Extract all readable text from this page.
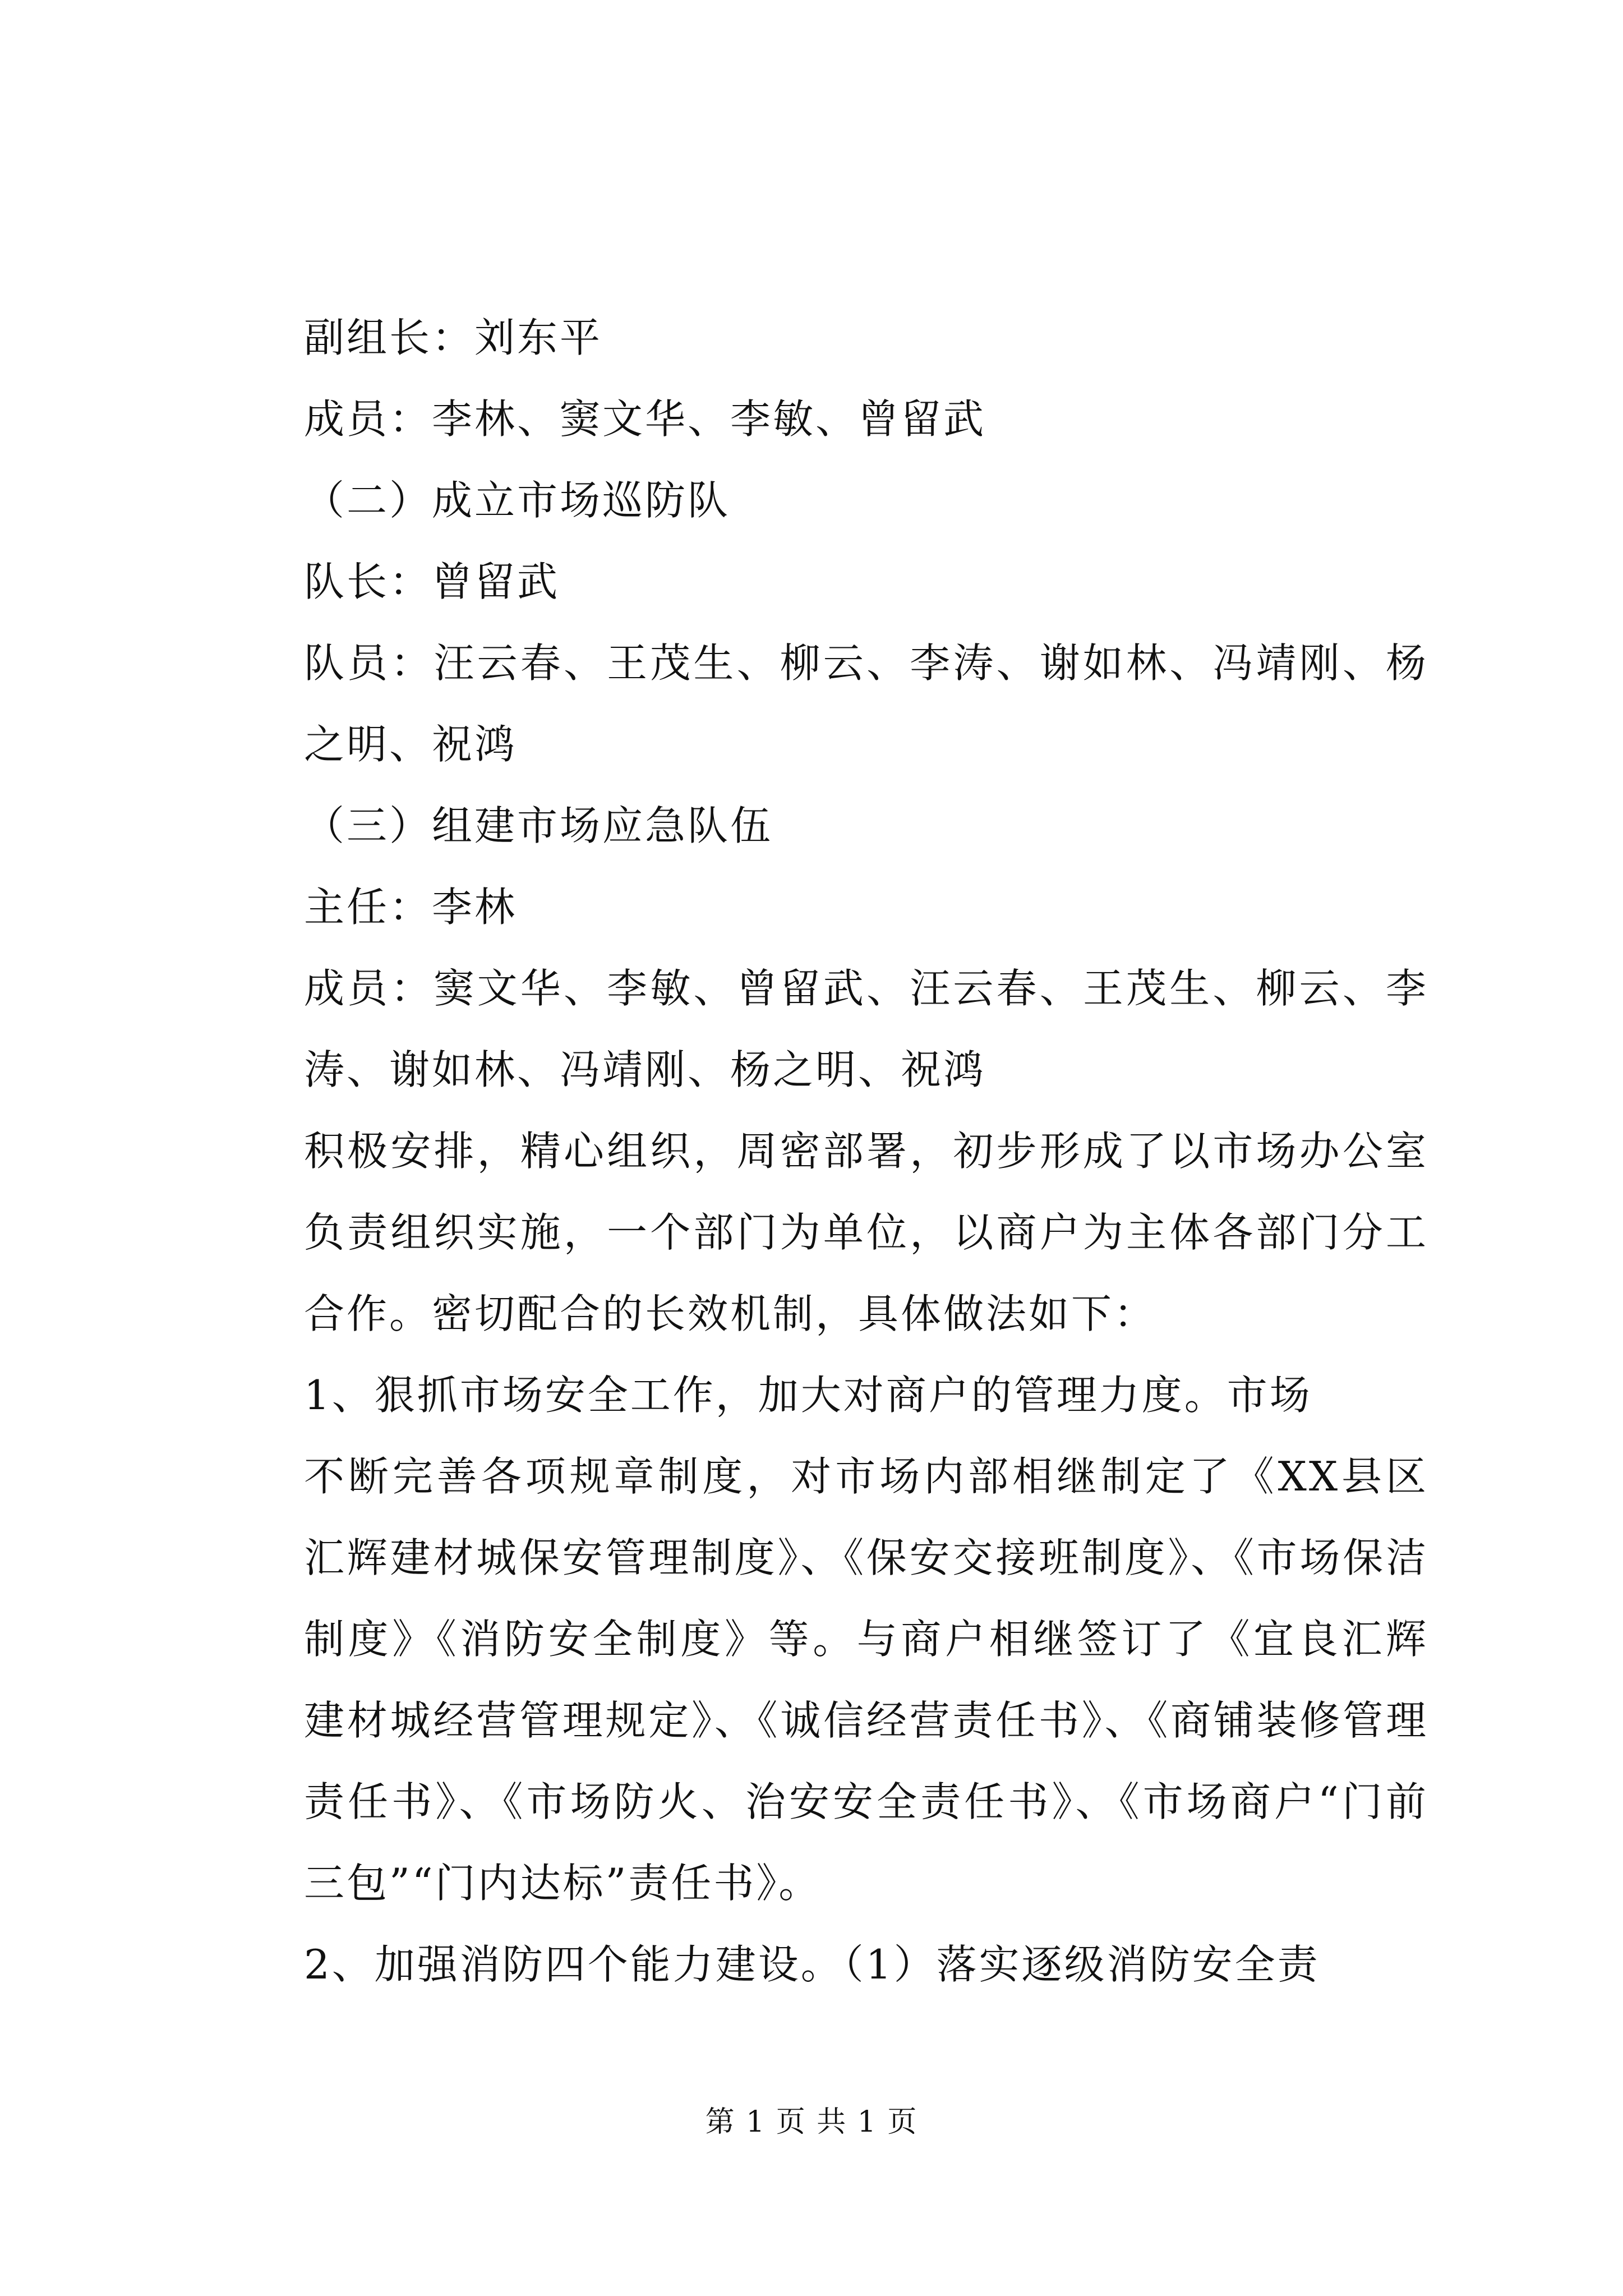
副组长：刘东平

成员：李林、窦文华、李敏、曾留武

（二）成立市场巡防队

队长：曾留武

队员：汪云春、王茂生、柳云、李涛、谢如林、冯靖刚、杨之明、祝鸿

（三）组建市场应急队伍

主任：李林

成员：窦文华、李敏、曾留武、汪云春、王茂生、柳云、李涛、谢如林、冯靖刚、杨之明、祝鸿

积极安排，精心组织，周密部署，初步形成了以市场办公室负责组织实施，一个部门为单位，以商户为主体各部门分工合作。密切配合的长效机制，具体做法如下：

1、狠抓市场安全工作，加大对商户的管理力度。市场

不断完善各项规章制度，对市场内部相继制定了《XX县区汇辉建材城保安管理制度》、《保安交接班制度》、《市场保洁制度》《消防安全制度》等。与商户相继签订了《宜良汇辉建材城经营管理规定》、《诚信经营责任书》、《商铺装修管理责任书》、《市场防火、治安安全责任书》、《市场商户“门前三包”“门内达标”责任书》。

2、加强消防四个能力建设。（1）落实逐级消防安全责

第 1 页 共 1 页
